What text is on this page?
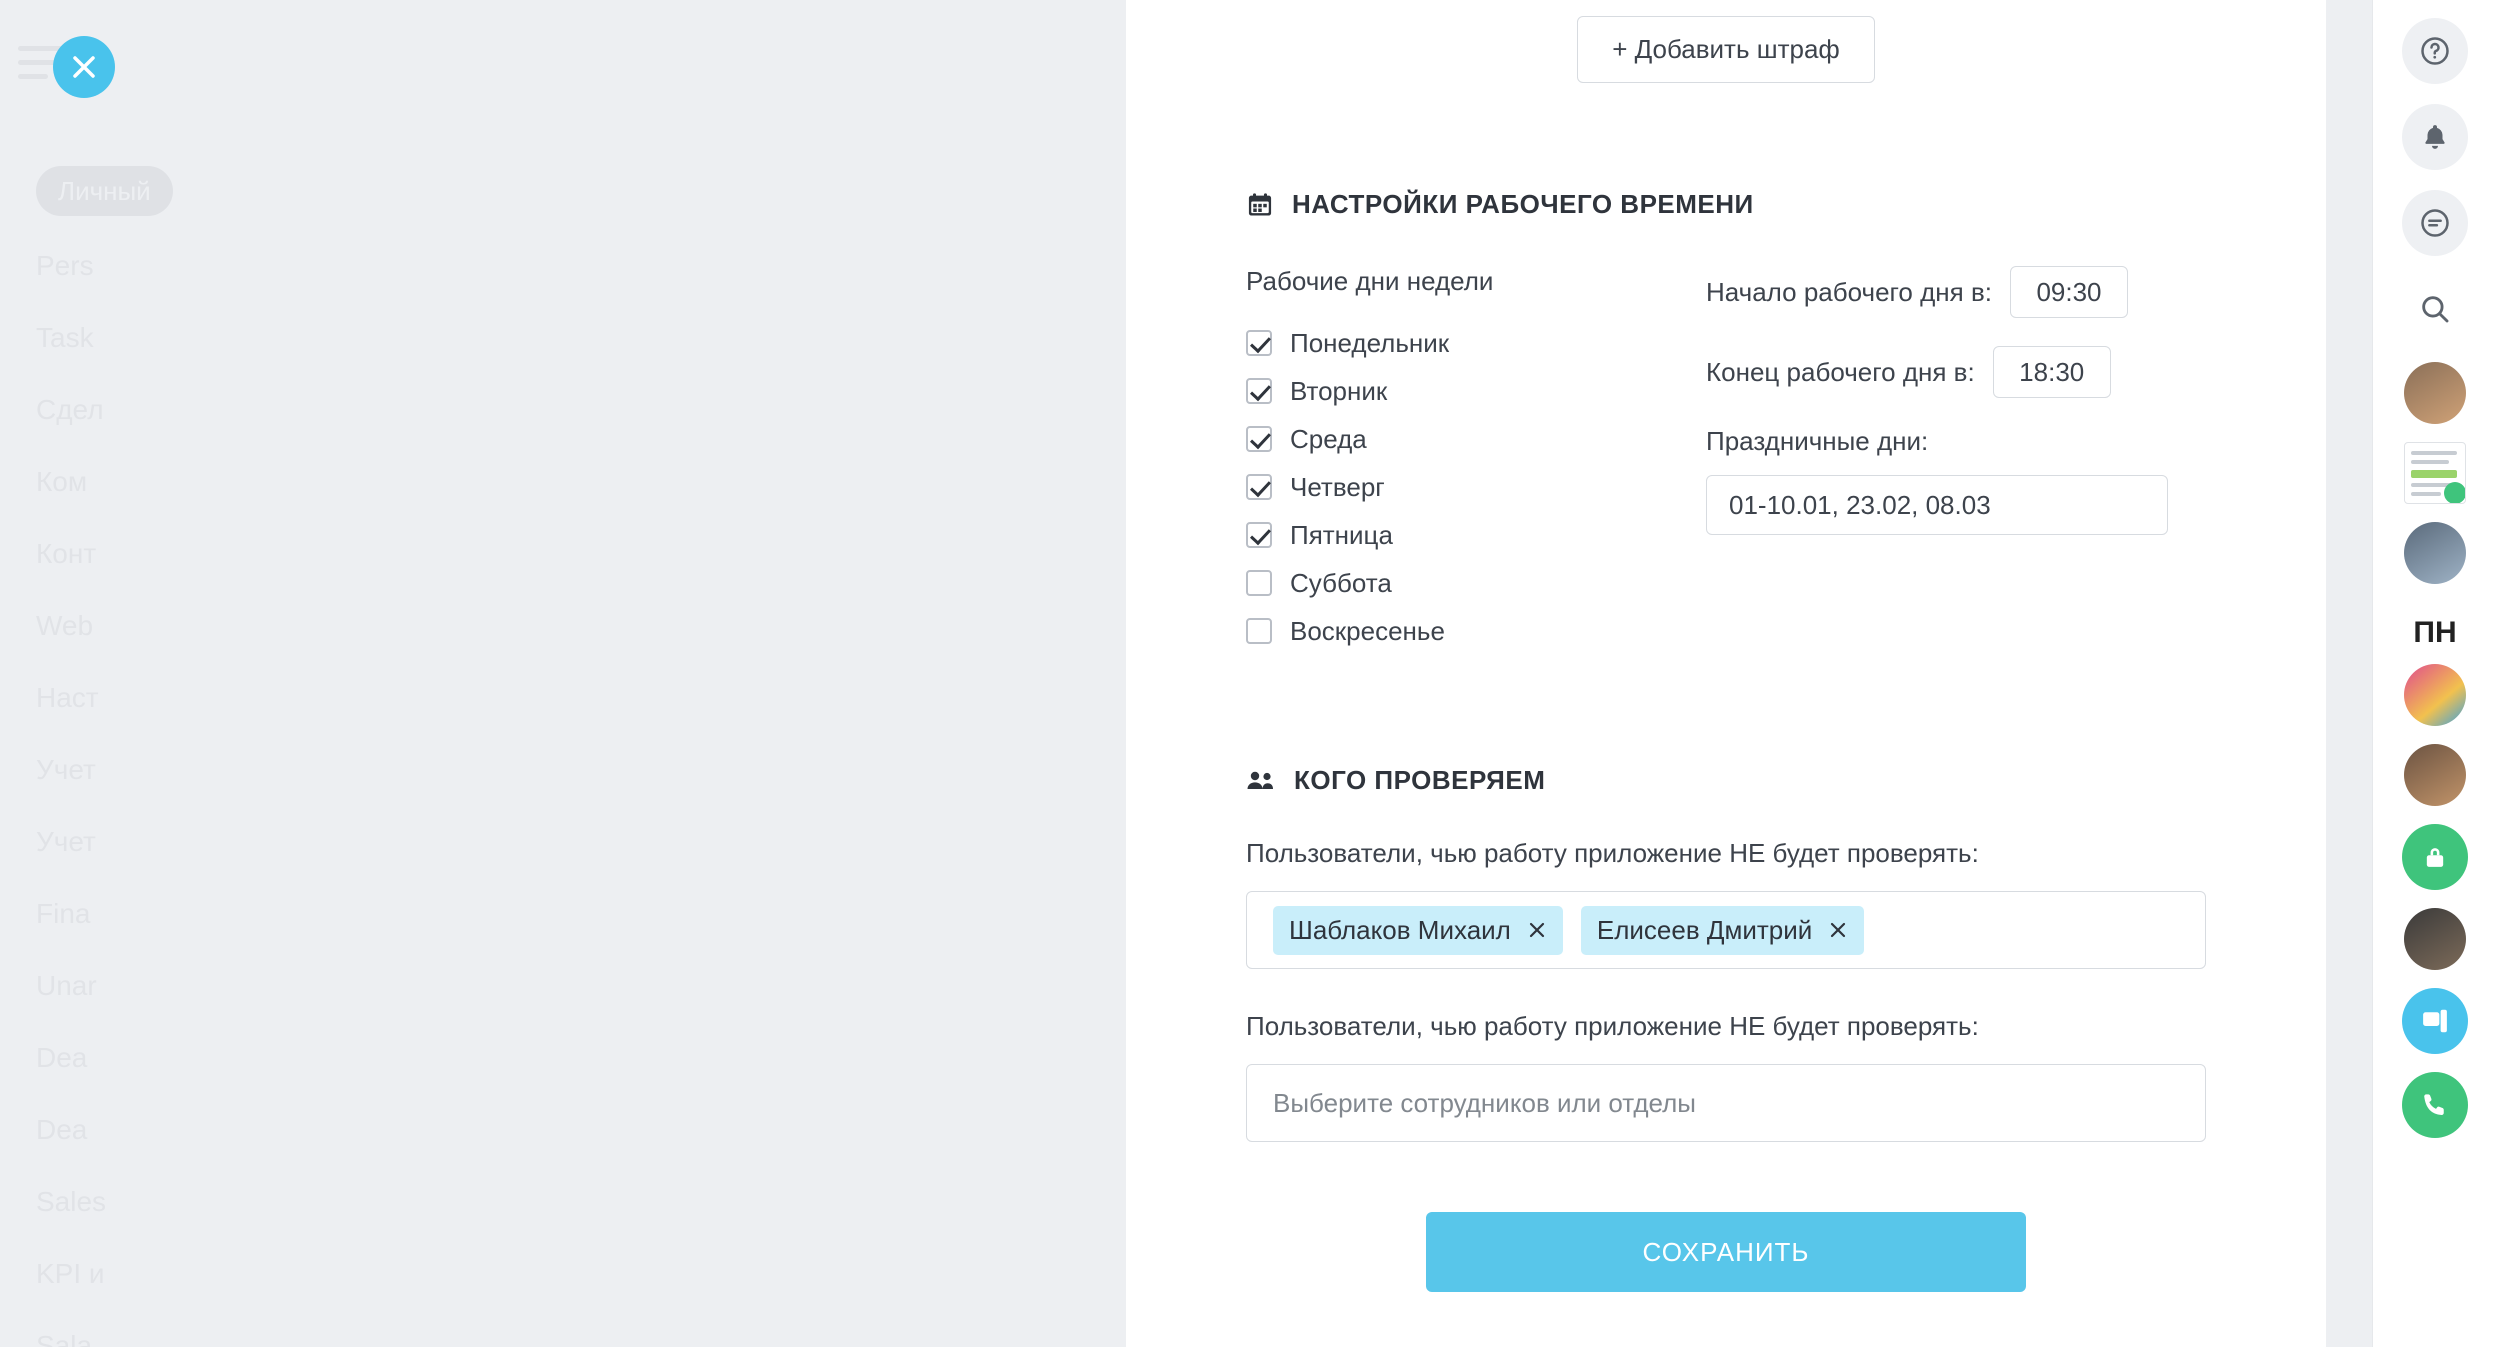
+ Добавить штраф
НАСТРОЙКИ РАБОЧЕГО ВРЕМЕНИ
Рабочие дни недели
Понедельник
Вторник
Среда
Четверг
Пятница
Суббота
Воскресенье
Начало рабочего дня в:
09:30
Конец рабочего дня в:
18:30
Праздничные дни:
01-10.01, 23.02, 08.03
КОГО ПРОВЕРЯЕМ
Пользователи, чью работу приложение НЕ будет проверять:
Шаблаков Михаил	Елисеев Дмитрий
Пользователи, чью работу приложение НЕ будет проверять:
Выберите сотрудников или отделы
СОХРАНИТЬ
ПН
